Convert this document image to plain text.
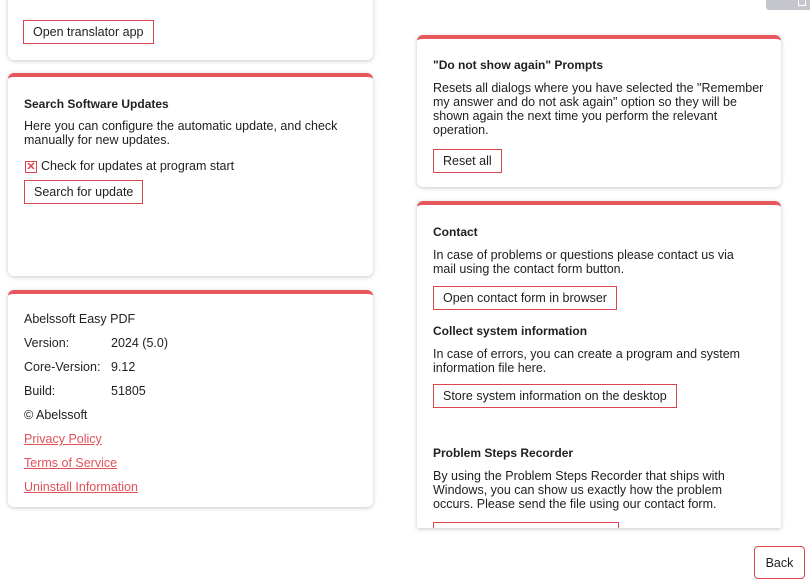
Open translator app
Search Software Updates
Here you can configure the automatic update, and check manually for new updates.
✕ Check for updates at program start
Search for update
Abelssoft Easy PDF
Version:	2024 (5.0)
Core-Version: 9.12
Build:	51805
© Abelssoft
Privacy Policy
Terms of Service
Uninstall Information
"Do not show again" Prompts
Resets all dialogs where you have selected the "Remember
my answer and do not ask again" option so they will be
shown again the next time you perform the relevant
operation.
Reset all
Contact
In case of problems or questions please contact us via
mail using the contact form button.
Open contact form in browser
Collect system information
In case of errors, you can create a program and system
information file here.
Store system information on the desktop
Problem Steps Recorder
By using the Problem Steps Recorder that ships with
Windows, you can show us exactly how the problem
occurs. Please send the file using our contact form.
Back
